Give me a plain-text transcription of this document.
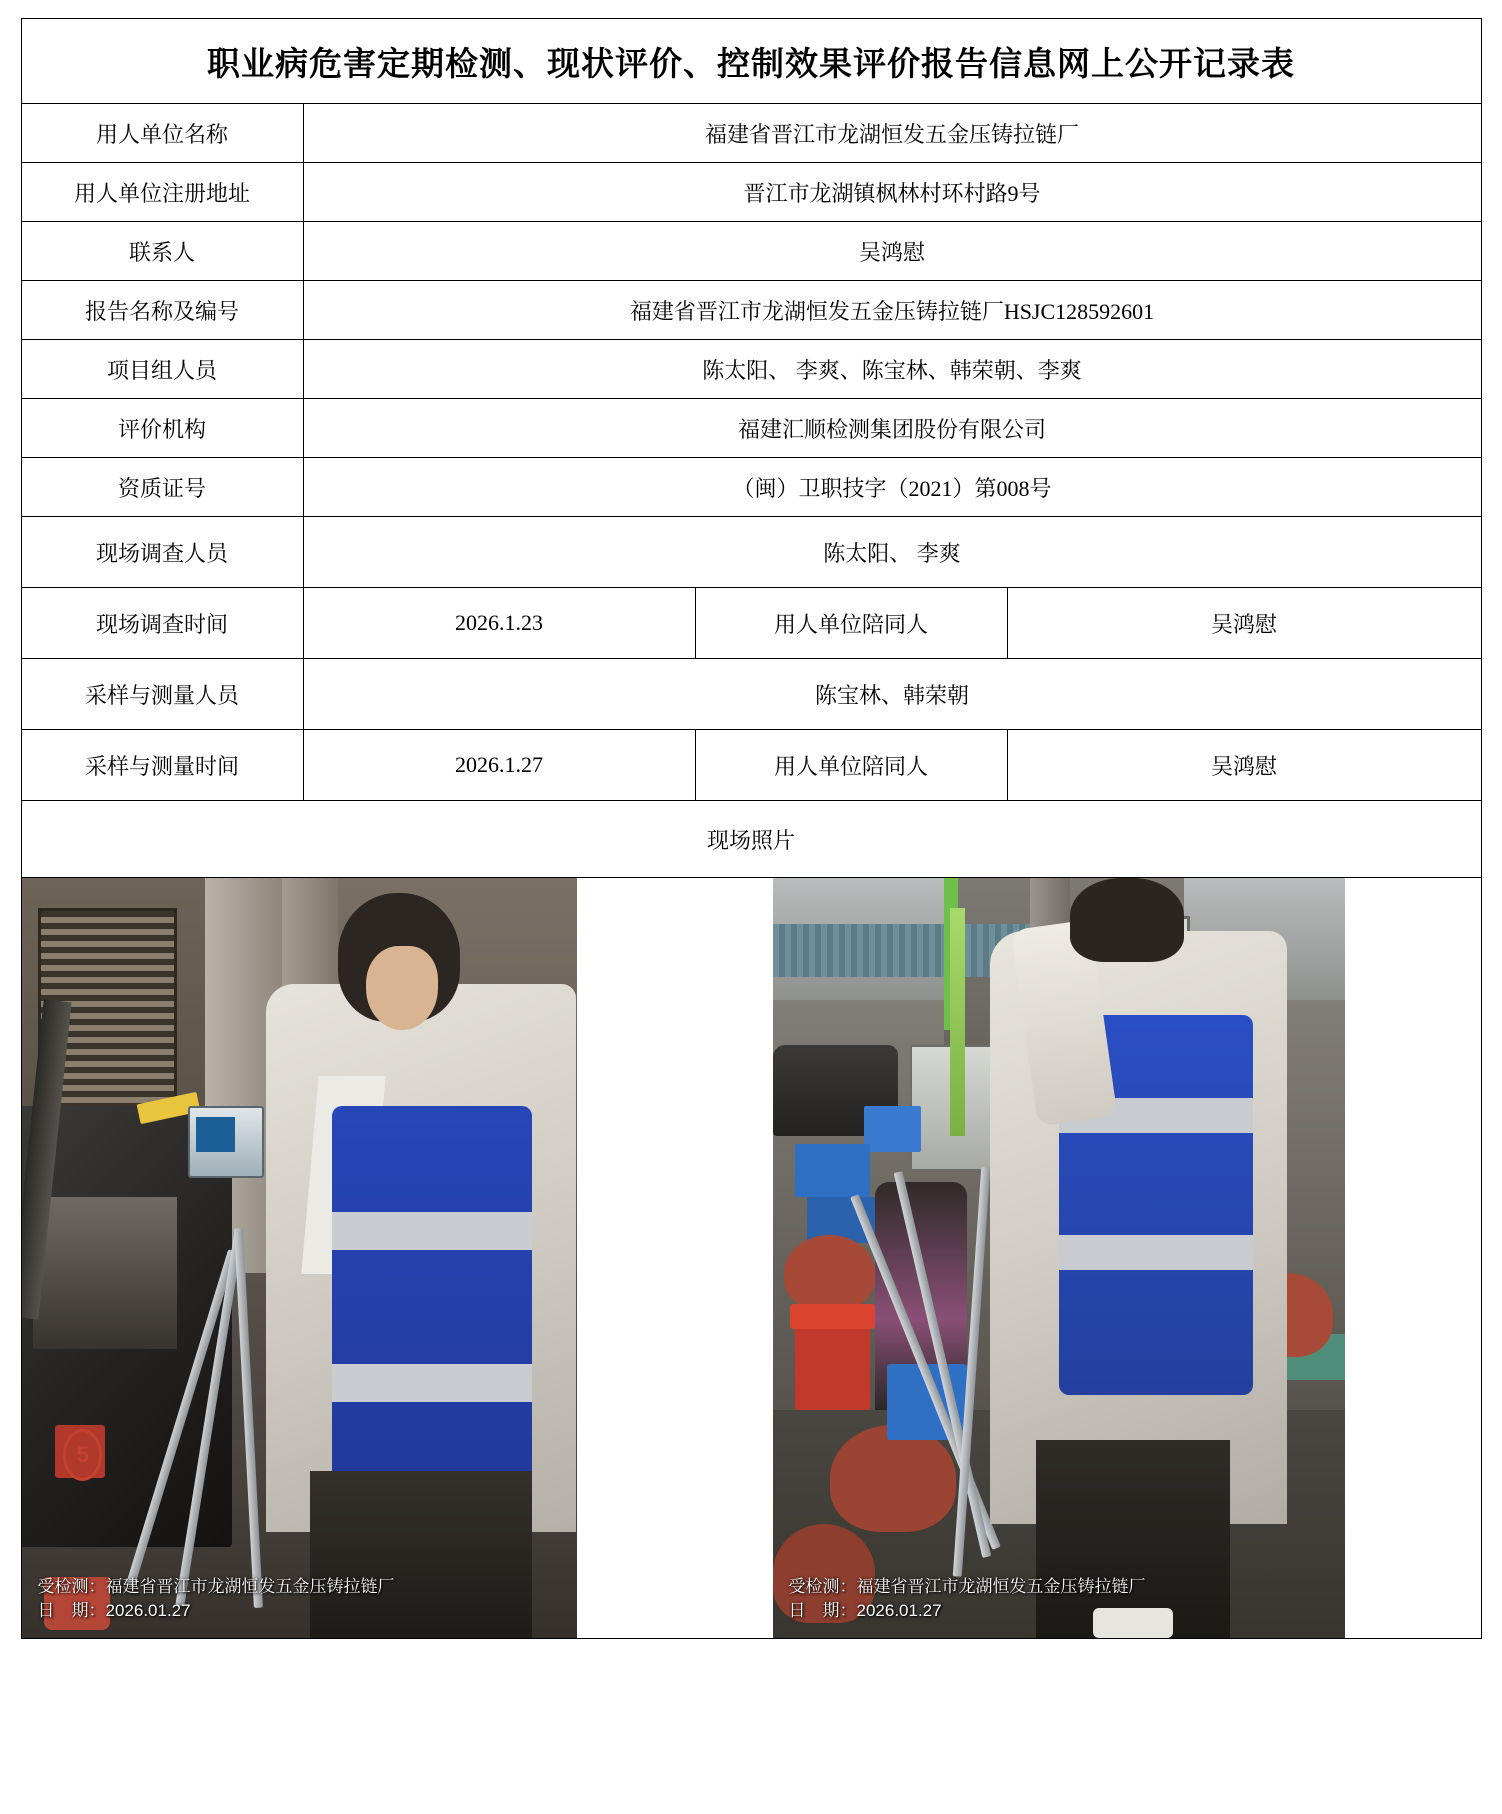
职业病危害定期检测、现状评价、控制效果评价报告信息网上公开记录表			
用人单位名称	福建省晋江市龙湖恒发五金压铸拉链厂		
用人单位注册地址	晋江市龙湖镇枫林村环村路9号		
联系人	吴鸿慰		
报告名称及编号	福建省晋江市龙湖恒发五金压铸拉链厂HSJC128592601		
项目组人员	陈太阳、 李爽、陈宝林、韩荣朝、李爽		
评价机构	福建汇顺检测集团股份有限公司		
资质证号	（闽）卫职技字（2021）第008号		
现场调查人员	陈太阳、 李爽		
现场调查时间	2026.1.23	用人单位陪同人	吴鸿慰
采样与测量人员	陈宝林、韩荣朝		
采样与测量时间	2026.1.27	用人单位陪同人	吴鸿慰
现场照片			

5
受检测：福建省晋江市龙湖恒发五金压铸拉链厂
日　期：2026.01.27
受检测：福建省晋江市龙湖恒发五金压铸拉链厂
日　期：2026.01.27			
